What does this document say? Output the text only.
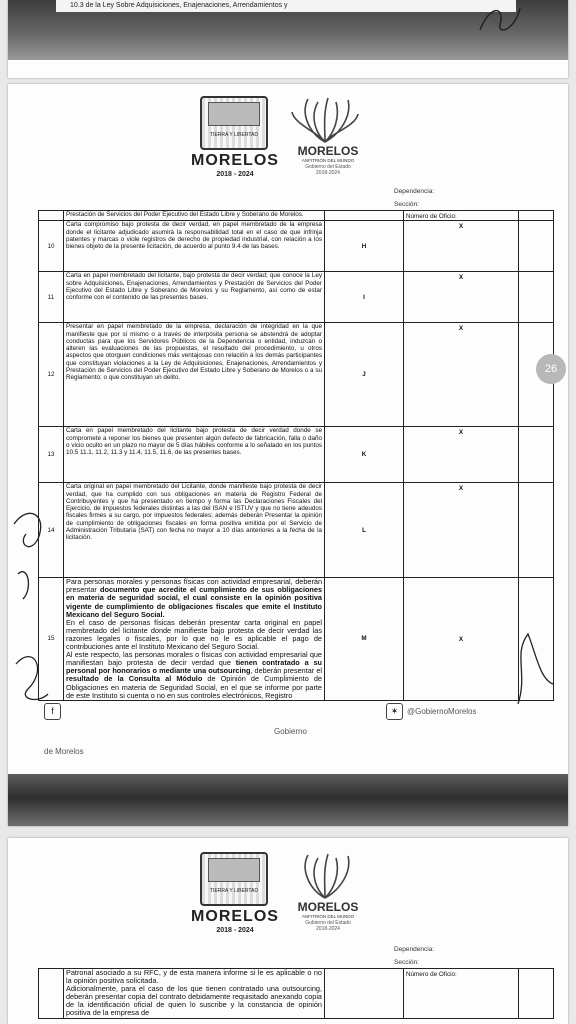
10.3 de la Ley Sobre Adquisiciones, Enajenaciones, Arrendamientos y
TIERRA Y LIBERTAD
MORELOS
2018 - 2024
MORELOS
ANFITRIÓN DEL MUNDO
Gobierno del Estado
2018-2024
Dependencia:
Sección:
	Prestación de Servicios del Poder Ejecutivo del Estado Libre y Soberano de Morelos.		Número de Oficio:	
10	Carta compromiso bajo protesta de decir verdad, en papel membretado de la empresa donde el licitante adjudicado asumirá la responsabilidad total en el caso de que infrinja patentes y marcas o viole registros de derecho de propiedad industrial, con relación a los bienes objeto de la presente licitación, de acuerdo al punto 9.4 de las bases.	H	X	
11	Carta en papel membretado del licitante, bajo protesta de decir verdad; que conoce la Ley sobre Adquisiciones, Enajenaciones, Arrendamientos y Prestación de Servicios del Poder Ejecutivo del Estado Libre y Soberano de Morelos y su Reglamento, así como de estar conforme con el contenido de las presentes bases.	I	X	
12	Presentar en papel membretado de la empresa, declaración de integridad en la que manifieste que por sí mismo o a través de interpósita persona se abstendrá de adoptar conductas para que los Servidores Públicos de la Dependencia o entidad, induzcan o alteren las evaluaciones de las propuestas, el resultado del procedimiento, u otros aspectos que otorguen condiciones más ventajosas con relación a los demás participantes que constituyan violaciones a la Ley de Adquisiciones, Enajenaciones, Arrendamientos y Prestación de Servicios del Poder Ejecutivo del Estado Libre y Soberano de Morelos o a su Reglamento; o que constituyan un delito.	J	X	
13	Carta en papel membretado del licitante bajo protesta de decir verdad donde se compromete a reponer los bienes que presenten algún defecto de fabricación, falla o daño o vicio oculto en un plazo no mayor de 5 días hábiles conforme a lo señalado en los puntos 10.5 11.1, 11.2, 11.3 y 11.4, 11.5, 11.6, de las presentes bases.	K	X	
14	Carta original en papel membretado del Licitante, donde manifieste bajo protesta de decir verdad, que ha cumplido con sus obligaciones en materia de Registro Federal de Contribuyentes y que ha presentado en tiempo y forma las Declaraciones Fiscales del Ejercicio, de impuestos federales distintas a las del ISAN e ISTUV y que no tiene adeudos fiscales firmes a su cargo, por impuestos federales; además deberán Presentar la opinión de cumplimiento de obligaciones fiscales en forma positiva emitida por el Servicio de Administración Tributaria (SAT) con fecha no mayor a 10 días anteriores a la fecha de la licitación.	L	X	
15	Para personas morales y personas físicas con actividad empresarial, deberán presentar documento que acredite el cumplimiento de sus obligaciones en materia de seguridad social, el cual consiste en la opinión positiva vigente de cumplimiento de obligaciones fiscales que emite el Instituto Mexicano del Seguro Social.
En el caso de personas físicas deberán presentar carta original en papel membretado del licitante donde manifieste bajo protesta de decir verdad las razones legales o fiscales, por lo que no le es aplicable el pago de contribuciones ante el Instituto Mexicano del Seguro Social.
Al este respecto, las personas morales o físicas con actividad empresarial que manifiestan bajo protesta de decir verdad que tienen contratado a su personal por honorarios o mediante una outsourcing, deberán presentar el resultado de la Consulta al Módulo de Opinión de Cumplimiento de Obligaciones en materia de Seguridad Social, en el que se informe por parte de este Instituto si cuenta o no en sus controles electrónicos, Registro	M	X	
fGobierno de Morelos
✶ @GobiernoMorelos
26
TIERRA Y LIBERTAD
MORELOS
2018 - 2024
MORELOS
ANFITRIÓN DEL MUNDO
Gobierno del Estado
2018-2024
Dependencia:
Sección:
	Patronal asociado a su RFC, y de esta manera informe si le es aplicable o no la opinión positiva solicitada.
Adicionalmente, para el caso de los que tienen contratado una outsourcing, deberán presentar copia del contrato debidamente requisitado anexando copia de la identificación oficial de quien lo suscribe y la constancia de opinión positiva de la empresa de		Número de Oficio:	
